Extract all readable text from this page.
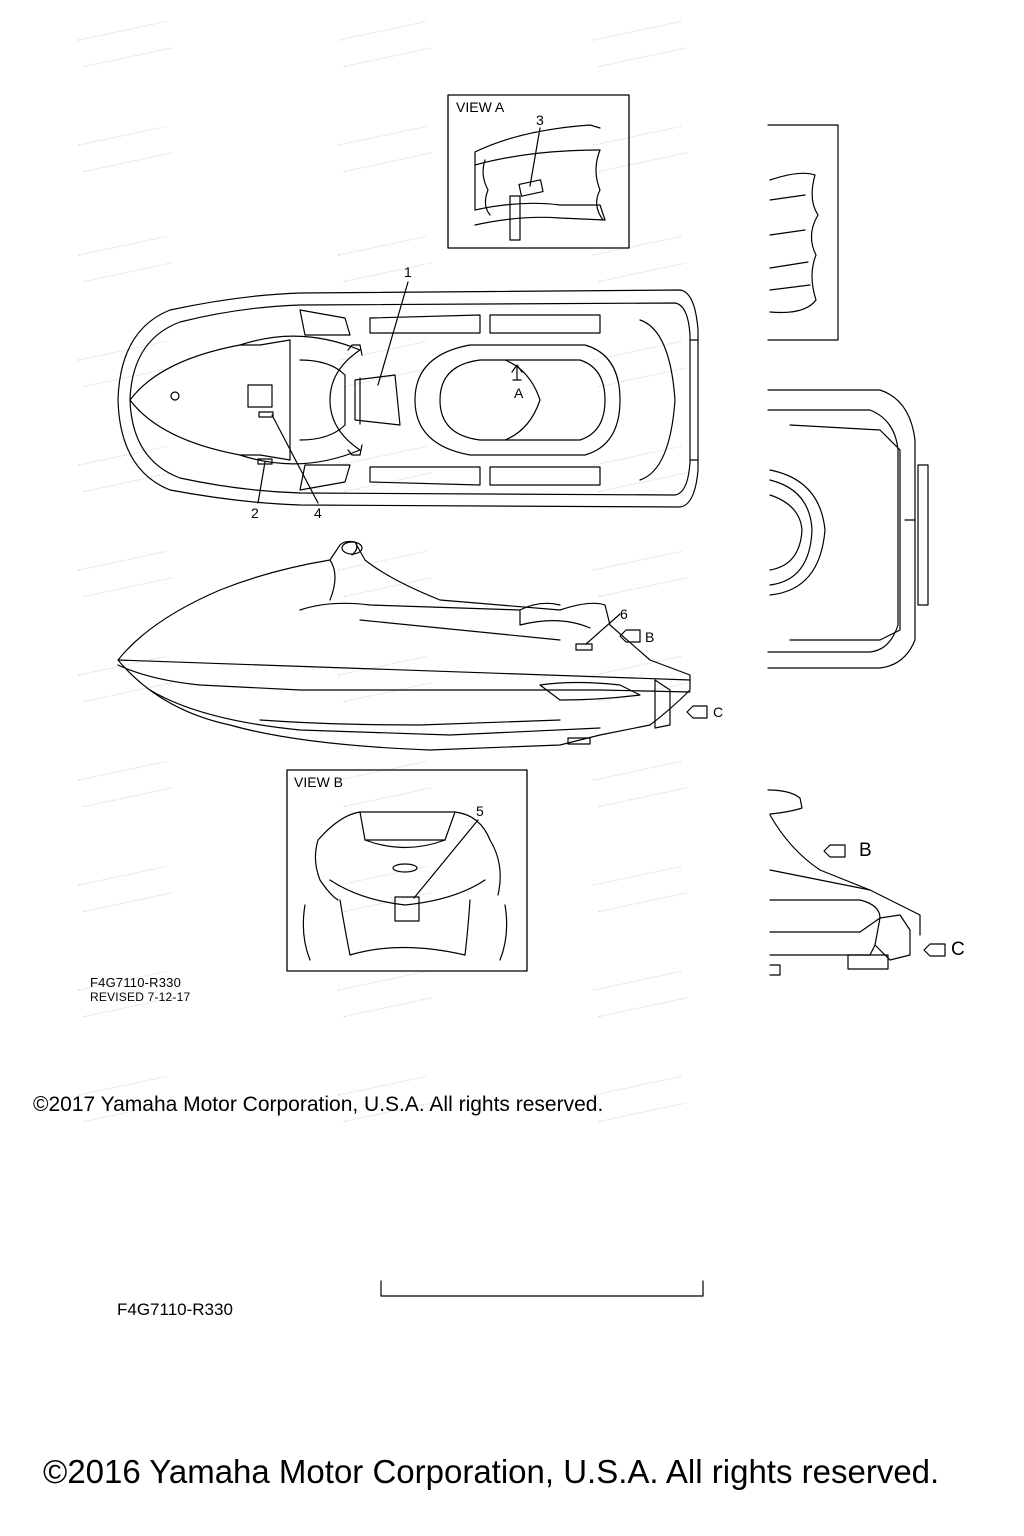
VIEW A
3
1
A
2	4
6
B
C
VIEW B
5
B
C
F4G7110-R330
REVISED 7-12-17
©2017 Yamaha Motor Corporation, U.S.A. All rights reserved.
F4G7110-R330
©2016 Yamaha Motor Corporation, U.S.A. All rights reserved.
